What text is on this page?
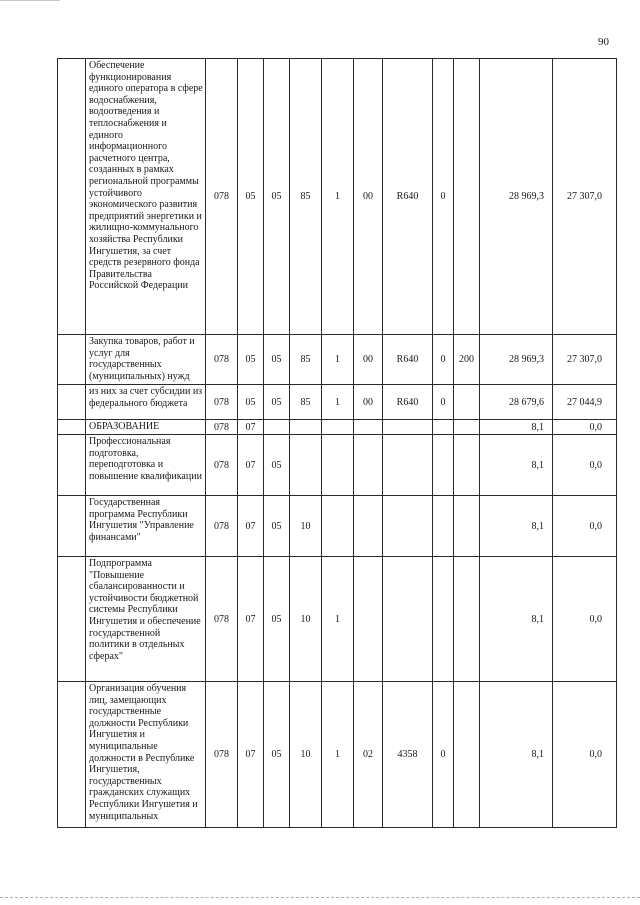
90
	Обеспечение функционирования единого оператора в сфере водоснабжения, водоотведения и теплоснабжения и единого информационного расчетного центра, созданных в рамках региональной программы устойчивого экономического развития предприятий энергетики и жилищно-коммунального хозяйства Республики Ингушетия, за счет средств резервного фонда Правительства Российской Федерации	078	05	05	85	1	00	R640	0		28 969,3	27 307,0
	Закупка товаров, работ и услуг для государственных (муниципальных) нужд	078	05	05	85	1	00	R640	0	200	28 969,3	27 307,0
	из них за счет субсидии из федерального бюджета	078	05	05	85	1	00	R640	0		28 679,6	27 044,9
	ОБРАЗОВАНИЕ	078	07								8,1	0,0
	Профессиональная подготовка, переподготовка и повышение квалификации	078	07	05							8,1	0,0
	Государственная программа Республики Ингушетия "Управление финансами"	078	07	05	10						8,1	0,0
	Подпрограмма "Повышение сбалансированности и устойчивости бюджетной системы Республики Ингушетия и обеспечение государственной политики в отдельных сферах"	078	07	05	10	1					8,1	0,0
	Организация обучения лиц, замещающих государственные должности Республики Ингушетия и муниципальные должности в Республике Ингушетия, государственных гражданских служащих Республики Ингушетия и муниципальных	078	07	05	10	1	02	4358	0		8,1	0,0
